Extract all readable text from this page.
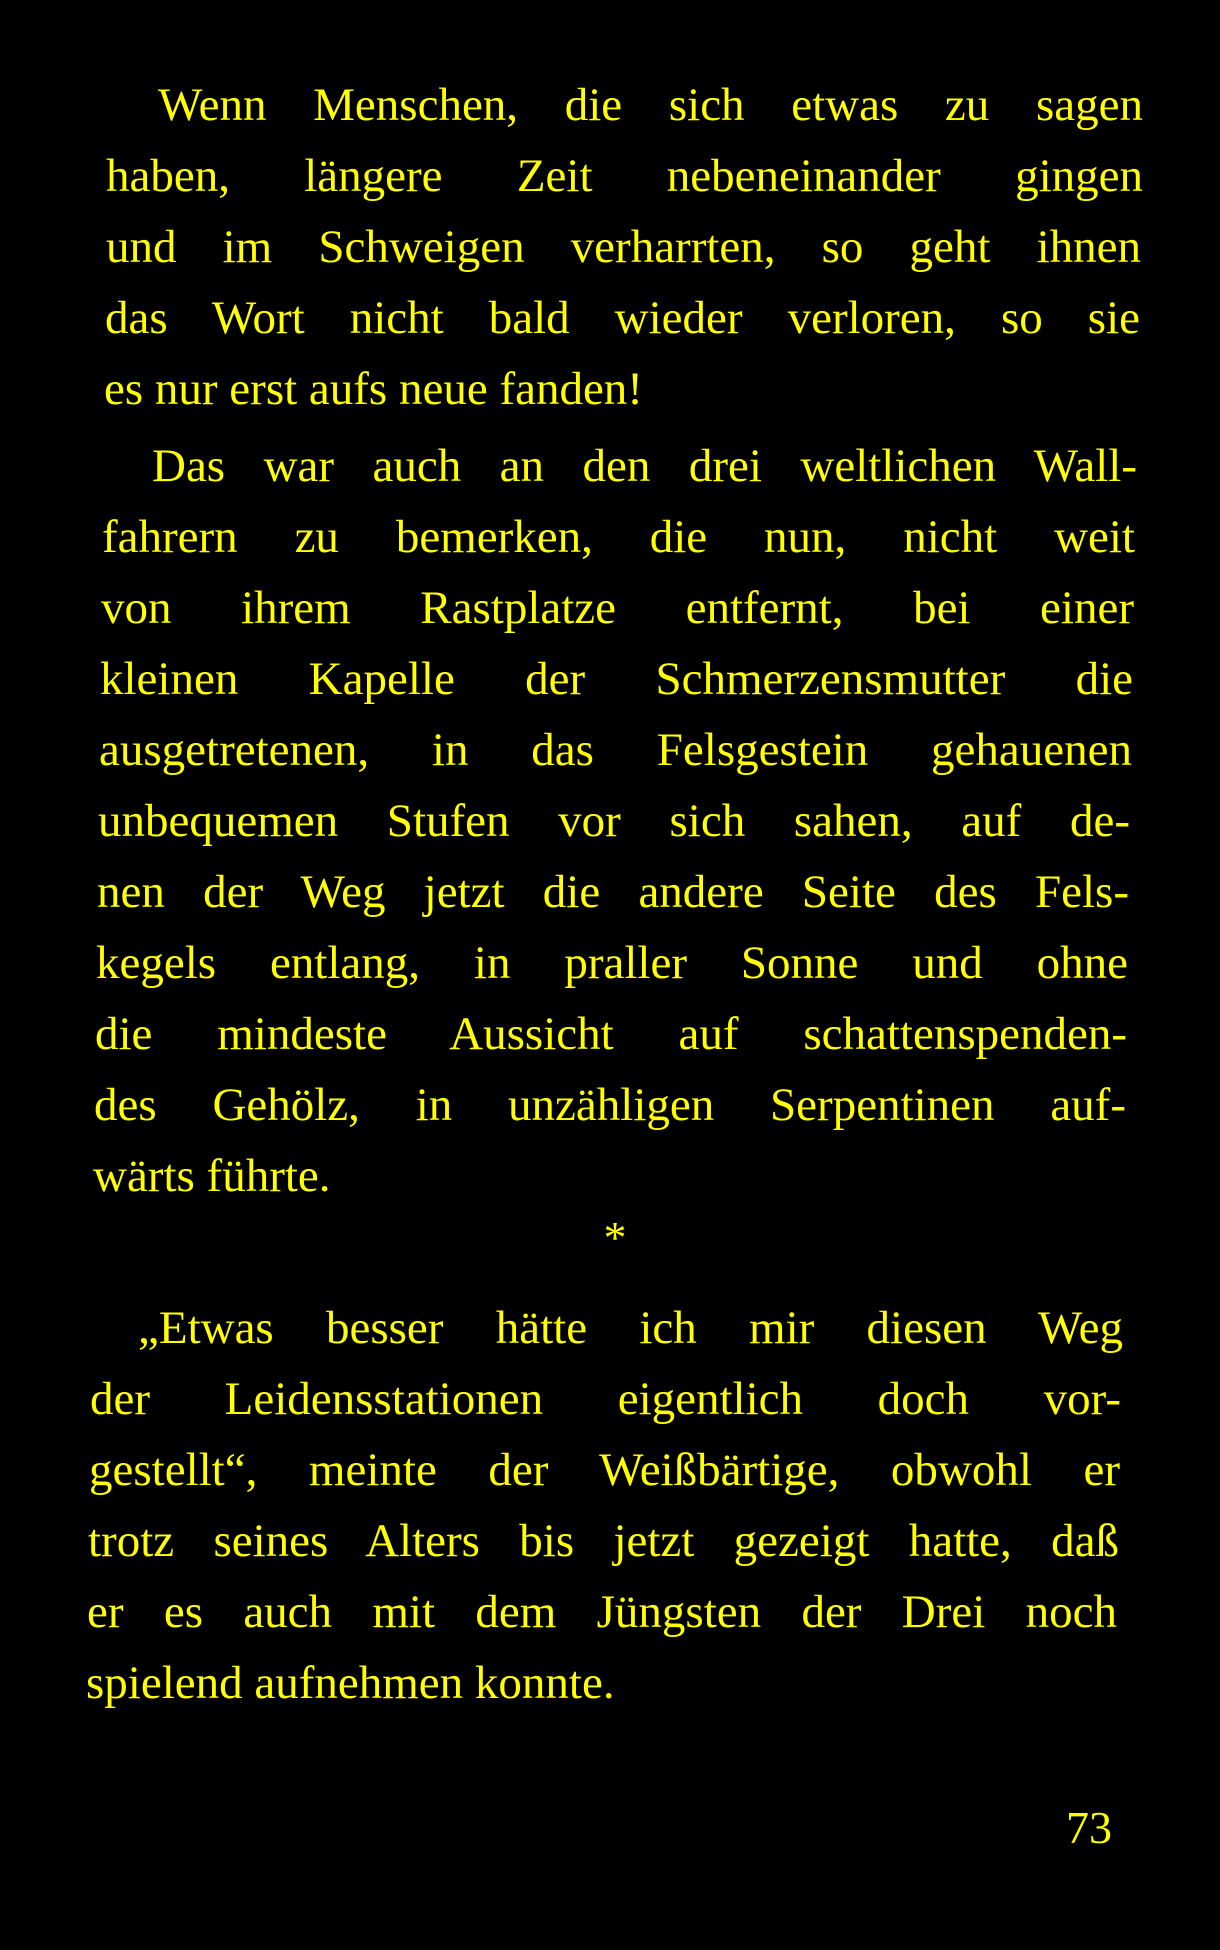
Wenn Menschen, die sich etwas zu sagen
haben, längere Zeit nebeneinander gingen
und im Schweigen verharrten, so geht ihnen
das Wort nicht bald wieder verloren, so sie
es nur erst aufs neue fanden!
Das war auch an den drei weltlichen Wall-
fahrern zu bemerken, die nun, nicht weit
von ihrem Rastplatze entfernt, bei einer
kleinen Kapelle der Schmerzensmutter die
ausgetretenen, in das Felsgestein gehauenen
unbequemen Stufen vor sich sahen, auf de-
nen der Weg jetzt die andere Seite des Fels-
kegels entlang, in praller Sonne und ohne
die mindeste Aussicht auf schattenspenden-
des Gehölz, in unzähligen Serpentinen auf-
wärts führte.
*
„Etwas besser hätte ich mir diesen Weg
der Leidensstationen eigentlich doch vor-
gestellt“, meinte der Weißbärtige, obwohl er
trotz seines Alters bis jetzt gezeigt hatte, daß
er es auch mit dem Jüngsten der Drei noch
spielend aufnehmen konnte.
73
